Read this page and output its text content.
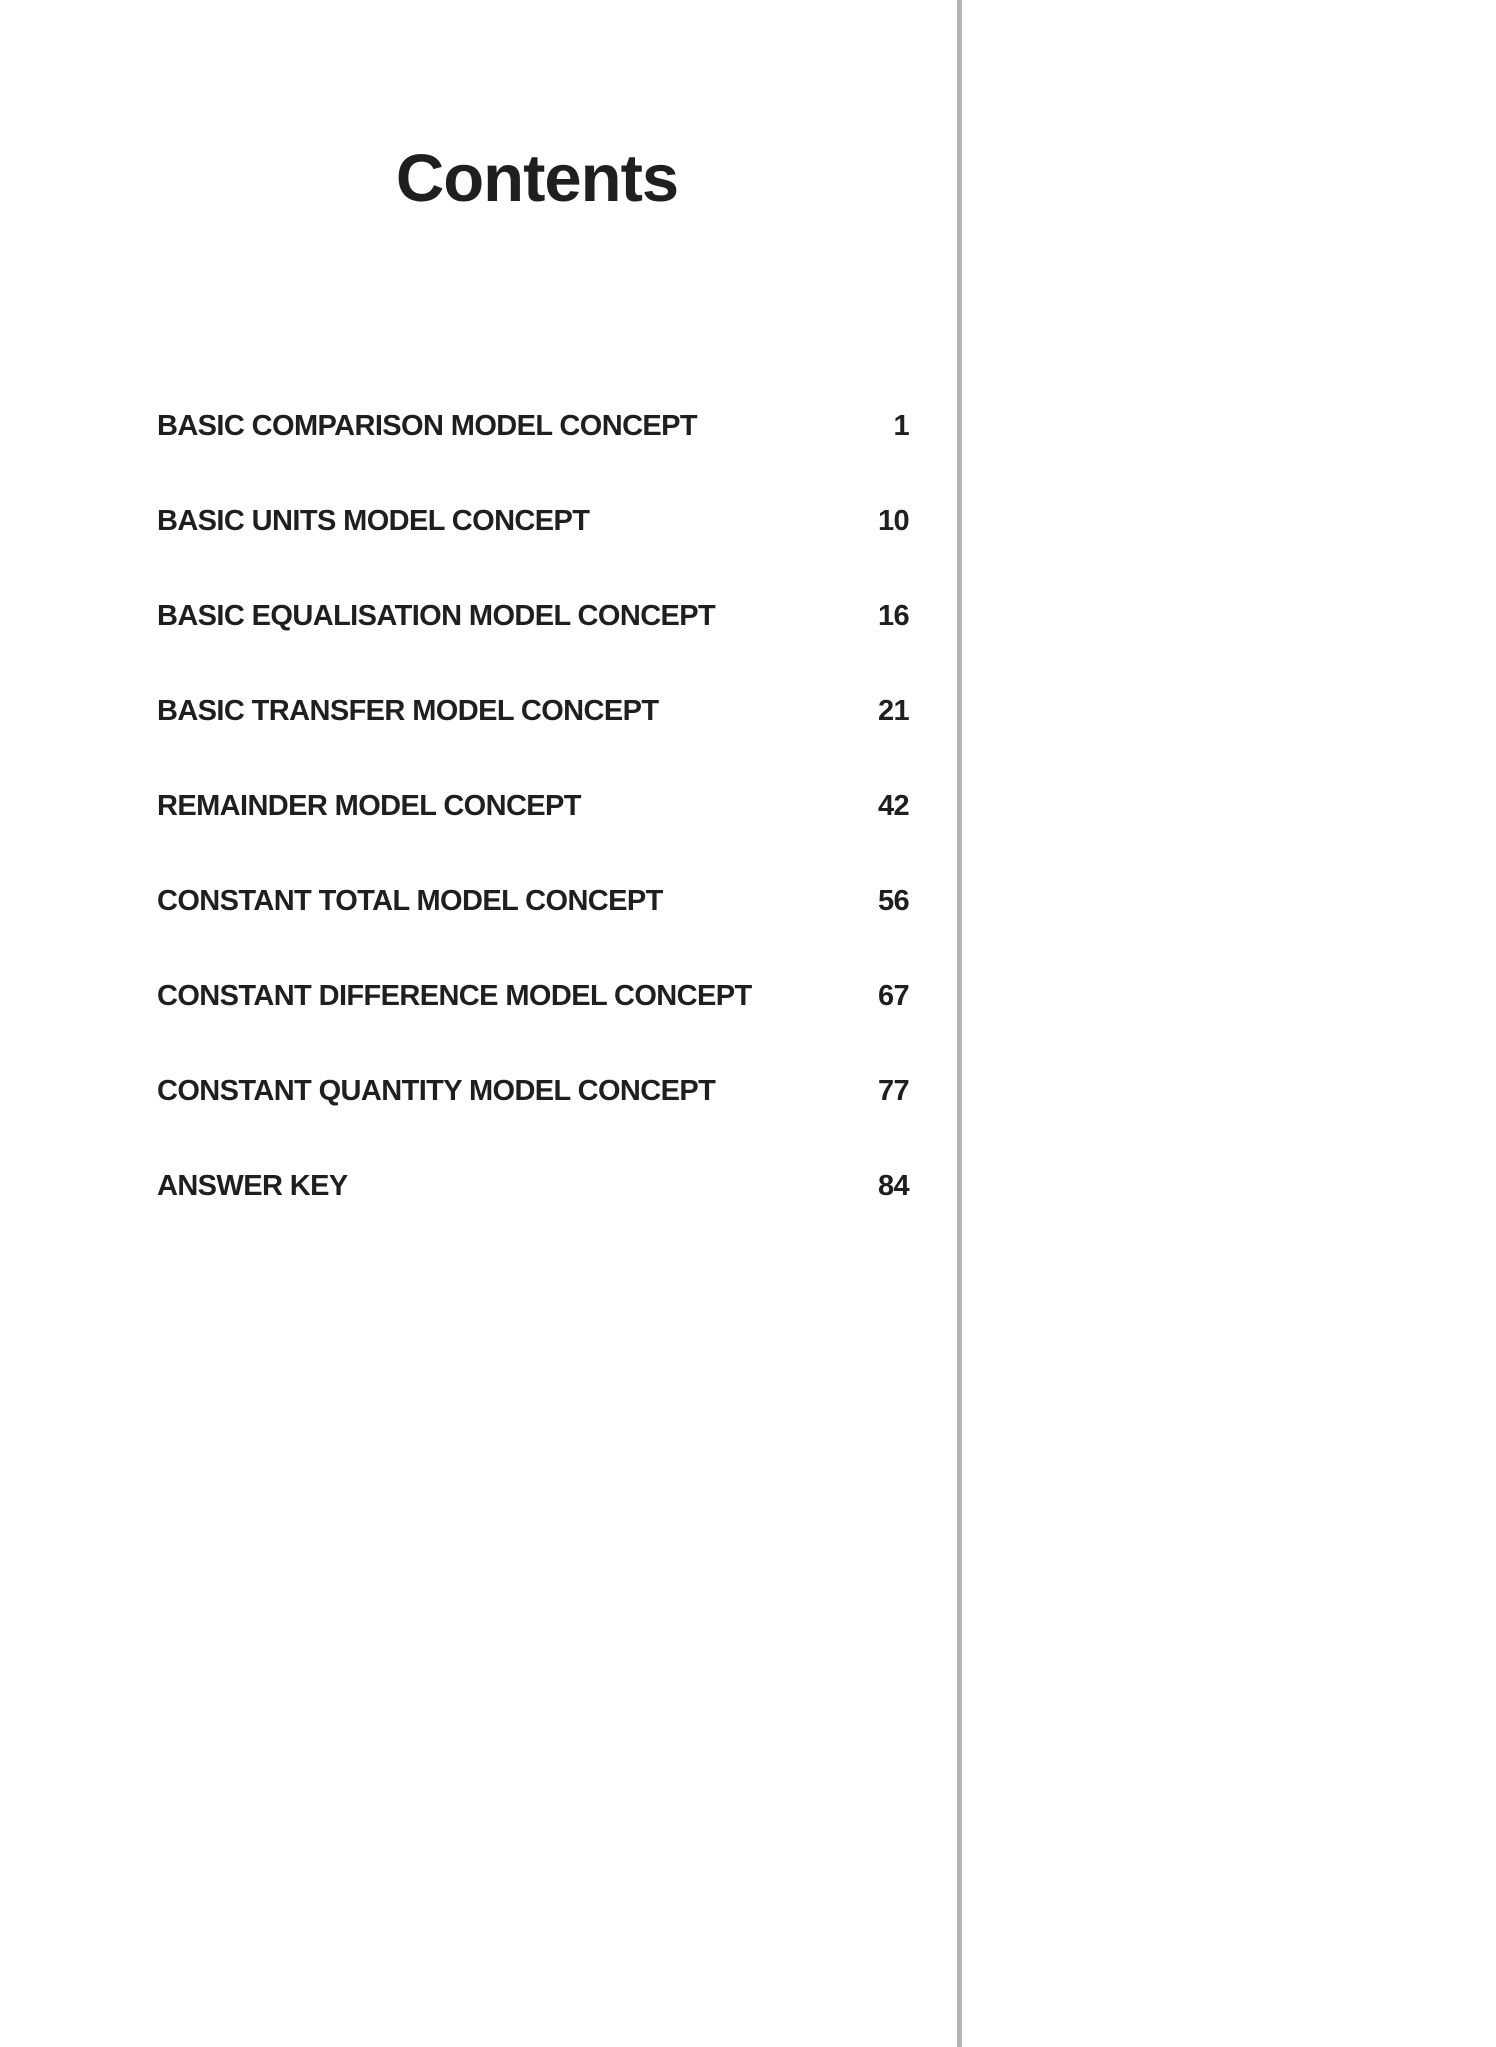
Contents
BASIC COMPARISON MODEL CONCEPT	1
BASIC UNITS MODEL CONCEPT	10
BASIC EQUALISATION MODEL CONCEPT	16
BASIC TRANSFER MODEL CONCEPT	21
REMAINDER MODEL CONCEPT	42
CONSTANT TOTAL MODEL CONCEPT	56
CONSTANT DIFFERENCE MODEL CONCEPT	67
CONSTANT QUANTITY MODEL CONCEPT	77
ANSWER KEY	84
